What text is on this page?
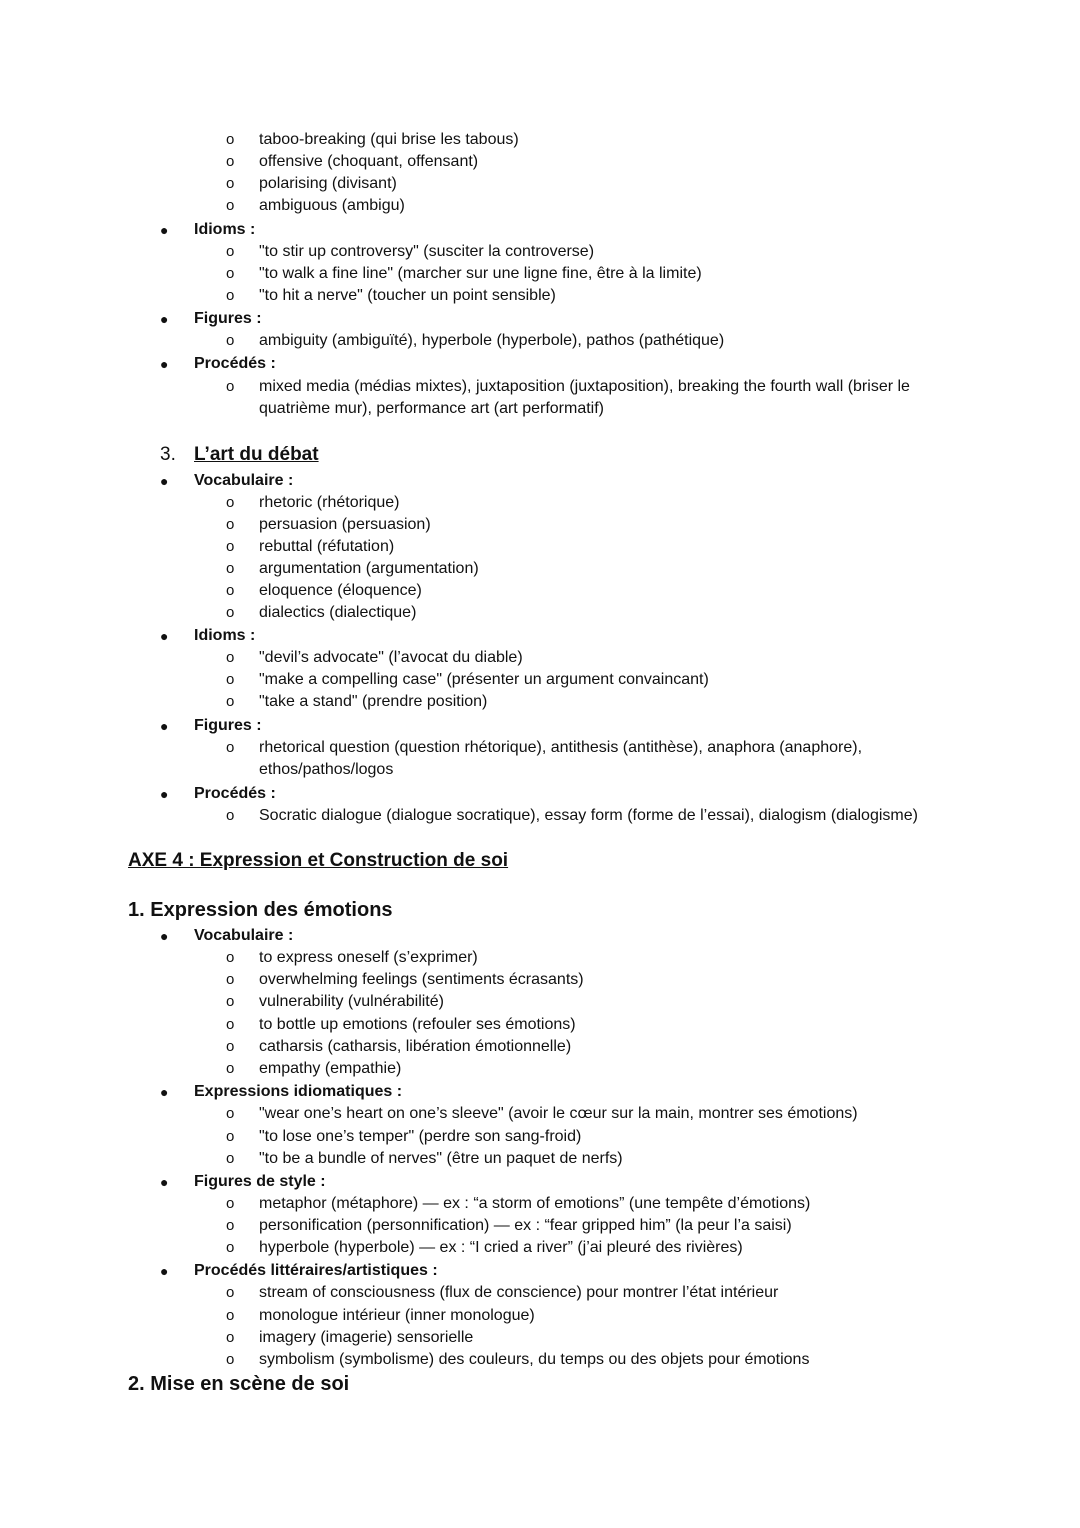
o taboo-breaking (qui brise les tabous)
o offensive (choquant, offensant)
o polarising (divisant)
o ambiguous (ambigu)
● Idioms :
o "to stir up controversy" (susciter la controverse)
o "to walk a fine line" (marcher sur une ligne fine, être à la limite)
o "to hit a nerve" (toucher un point sensible)
● Figures :
o ambiguity (ambiguïté), hyperbole (hyperbole), pathos (pathétique)
● Procédés :
o mixed media (médias mixtes), juxtaposition (juxtaposition), breaking the fourth wall (briser le
quatrième mur), performance art (art performatif)
3. L’art du débat
● Vocabulaire :
o rhetoric (rhétorique)
o persuasion (persuasion)
o rebuttal (réfutation)
o argumentation (argumentation)
o eloquence (éloquence)
o dialectics (dialectique)
● Idioms :
o "devil’s advocate" (l’avocat du diable)
o "make a compelling case" (présenter un argument convaincant)
o "take a stand" (prendre position)
● Figures :
o rhetorical question (question rhétorique), antithesis (antithèse), anaphora (anaphore),
ethos/pathos/logos
● Procédés :
o Socratic dialogue (dialogue socratique), essay form (forme de l’essai), dialogism (dialogisme)
AXE 4 : Expression et Construction de soi
1. Expression des émotions
● Vocabulaire :
o to express oneself (s’exprimer)
o overwhelming feelings (sentiments écrasants)
o vulnerability (vulnérabilité)
o to bottle up emotions (refouler ses émotions)
o catharsis (catharsis, libération émotionnelle)
o empathy (empathie)
● Expressions idiomatiques :
o "wear one’s heart on one’s sleeve" (avoir le cœur sur la main, montrer ses émotions)
o "to lose one’s temper" (perdre son sang-froid)
o "to be a bundle of nerves" (être un paquet de nerfs)
● Figures de style :
o metaphor (métaphore) — ex : “a storm of emotions” (une tempête d’émotions)
o personification (personnification) — ex : “fear gripped him” (la peur l’a saisi)
o hyperbole (hyperbole) — ex : “I cried a river” (j’ai pleuré des rivières)
● Procédés littéraires/artistiques :
o stream of consciousness (flux de conscience) pour montrer l’état intérieur
o monologue intérieur (inner monologue)
o imagery (imagerie) sensorielle
o symbolism (symbolisme) des couleurs, du temps ou des objets pour émotions
2. Mise en scène de soi
